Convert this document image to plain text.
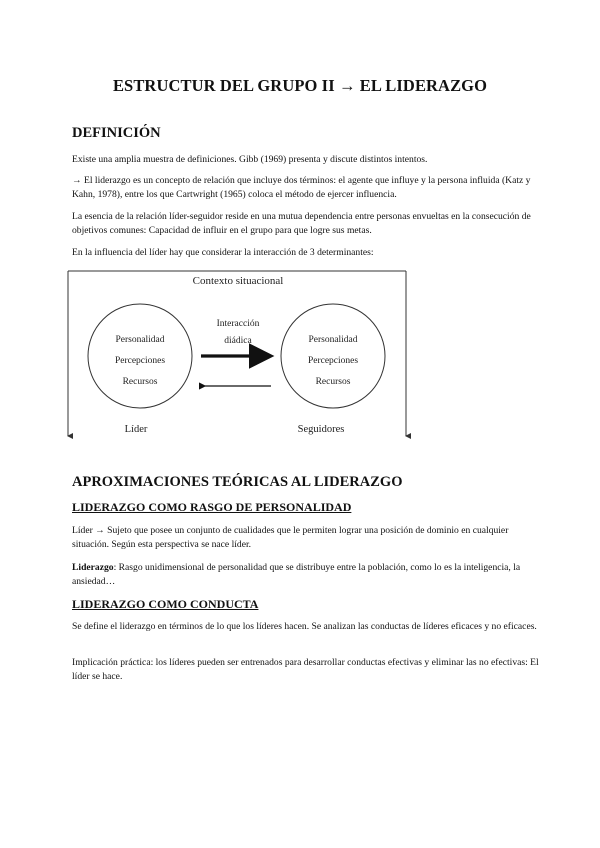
ESTRUCTUR DEL GRUPO II → EL LIDERAZGO
DEFINICIÓN
Existe una amplia muestra de definiciones. Gibb (1969) presenta y discute distintos intentos.
→ El liderazgo es un concepto de relación que incluye dos términos: el agente que influye y la persona influida (Katz y Kahn, 1978), entre los que Cartwright (1965) coloca el método de ejercer influencia.
La esencia de la relación líder-seguidor reside en una mutua dependencia entre personas envueltas en la consecución de objetivos comunes: Capacidad de influir en el grupo para que logre sus metas.
En la influencia del líder hay que considerar la interacción de 3 determinantes:
Contexto situacional
Personalidad
Percepciones
Recursos
Personalidad
Percepciones
Recursos
Interacción
diádica
Líder	Seguidores
APROXIMACIONES TEÓRICAS AL LIDERAZGO
LIDERAZGO COMO RASGO DE PERSONALIDAD
Líder → Sujeto que posee un conjunto de cualidades que le permiten lograr una posición de dominio en cualquier situación. Según esta perspectiva se nace líder.
Liderazgo: Rasgo unidimensional de personalidad que se distribuye entre la población, como lo es la inteligencia, la ansiedad…
LIDERAZGO COMO CONDUCTA
Se define el liderazgo en términos de lo que los líderes hacen. Se analizan las conductas de líderes eficaces y no eficaces.
Implicación práctica: los líderes pueden ser entrenados para desarrollar conductas efectivas y eliminar las no efectivas: El líder se hace.
